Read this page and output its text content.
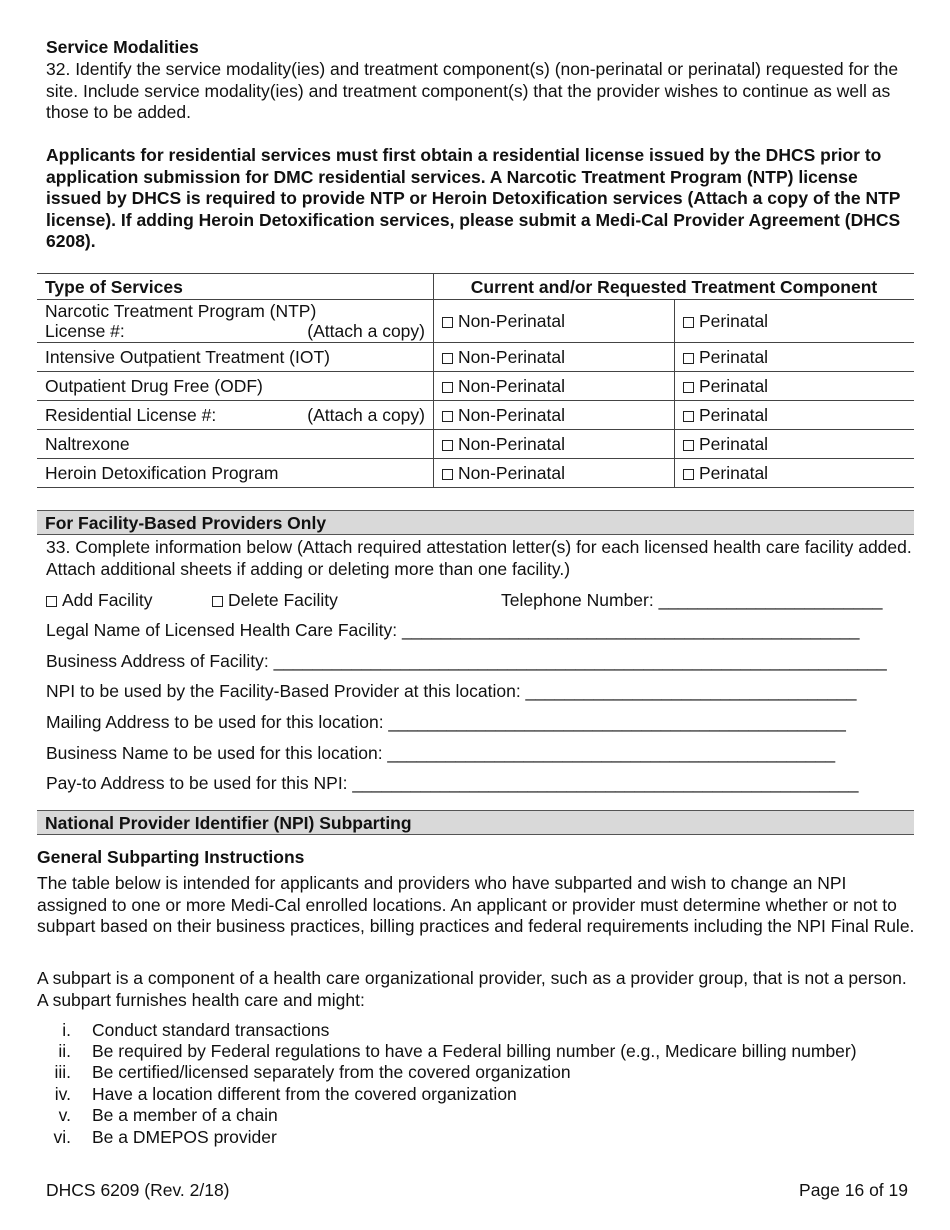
Service Modalities
32. Identify the service modality(ies) and treatment component(s) (non-perinatal or perinatal) requested for the site. Include service modality(ies) and treatment component(s) that the provider wishes to continue as well as those to be added.
Applicants for residential services must first obtain a residential license issued by the DHCS prior to application submission for DMC residential services. A Narcotic Treatment Program (NTP) license issued by DHCS is required to provide NTP or Heroin Detoxification services (Attach a copy of the NTP license). If adding Heroin Detoxification services, please submit a Medi-Cal Provider Agreement (DHCS 6208).
Type of Services	Current and/or Requested Treatment Component	

Narcotic Treatment Program (NTP)
License #: (Attach a copy)	Non-Perinatal	Perinatal
Intensive Outpatient Treatment (IOT)	Non-Perinatal	Perinatal
Outpatient Drug Free (ODF)	Non-Perinatal	Perinatal

Residential License #: (Attach a copy)	Non-Perinatal	Perinatal
Naltrexone	Non-Perinatal	Perinatal
Heroin Detoxification Program	Non-Perinatal	Perinatal
For Facility-Based Providers Only
33. Complete information below (Attach required attestation letter(s) for each licensed health care facility added. Attach additional sheets if adding or deleting more than one facility.)
Add Facility	Delete Facility	Telephone Number: _______________________
Legal Name of Licensed Health Care Facility: _______________________________________________
Business Address of Facility: _______________________________________________________________
NPI to be used by the Facility-Based Provider at this location: __________________________________
Mailing Address to be used for this location: _______________________________________________
Business Name to be used for this location: ______________________________________________
Pay-to Address to be used for this NPI: ____________________________________________________
National Provider Identifier (NPI) Subparting
General Subparting Instructions
The table below is intended for applicants and providers who have subparted and wish to change an NPI assigned to one or more Medi-Cal enrolled locations. An applicant or provider must determine whether or not to subpart based on their business practices, billing practices and federal requirements including the NPI Final Rule.
A subpart is a component of a health care organizational provider, such as a provider group, that is not a person. A subpart furnishes health care and might:
i. Conduct standard transactions
ii. Be required by Federal regulations to have a Federal billing number (e.g., Medicare billing number)
iii. Be certified/licensed separately from the covered organization
iv. Have a location different from the covered organization
v. Be a member of a chain
vi. Be a DMEPOS provider
DHCS 6209 (Rev. 2/18)	Page 16 of 19
